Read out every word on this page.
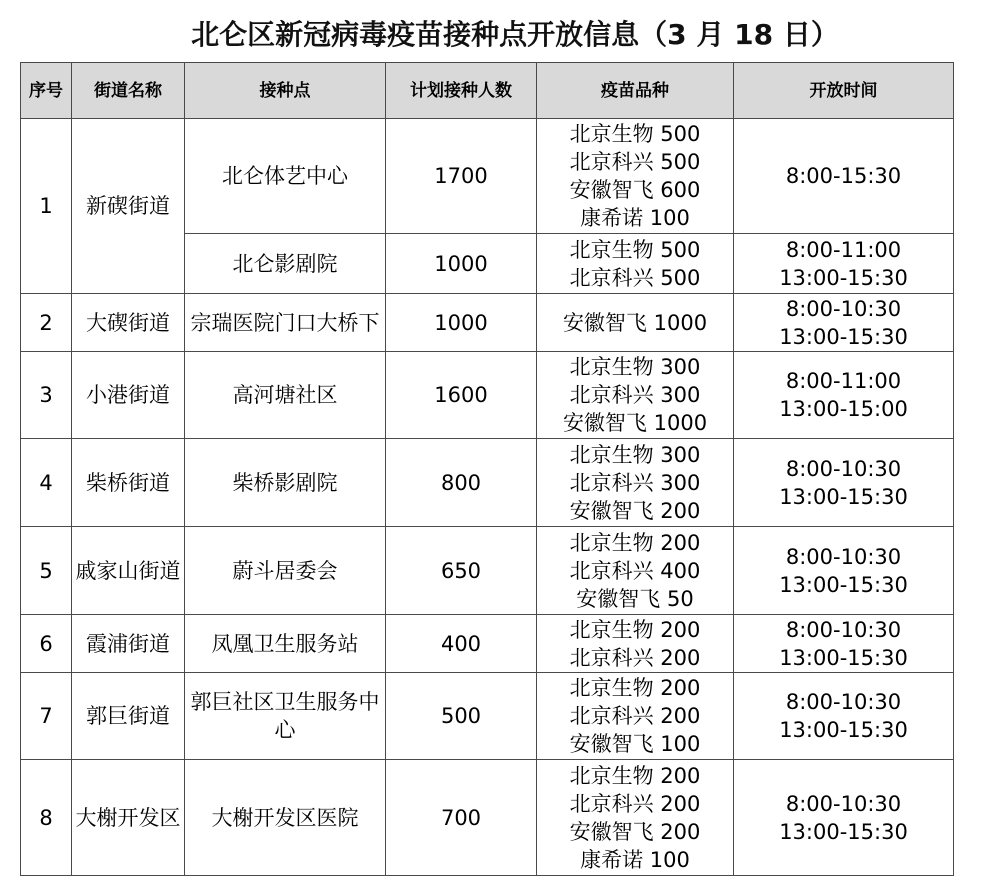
北仑区新冠病毒疫苗接种点开放信息（3 月 18 日）
序号	街道名称	接种点	计划接种人数	疫苗品种	开放时间
1	新碶街道	北仑体艺中心	1700	北京生物 500
北京科兴 500
安徽智飞 600
康希诺 100	8:00-15:30

		北仑影剧院	1000	北京生物 500
北京科兴 500	8:00-11:00
13:00-15:30

2	大碶街道	宗瑞医院门口大桥下	1000	安徽智飞 1000	8:00-10:30
13:00-15:30

3	小港街道	高河塘社区	1600	北京生物 300
北京科兴 300
安徽智飞 1000	8:00-11:00
13:00-15:00

4	柴桥街道	柴桥影剧院	800	北京生物 300
北京科兴 300
安徽智飞 200	8:00-10:30
13:00-15:30

5	戚家山街道	蔚斗居委会	650	北京生物 200
北京科兴 400
安徽智飞 50	8:00-10:30
13:00-15:30

6	霞浦街道	凤凰卫生服务站	400	北京生物 200
北京科兴 200	8:00-10:30
13:00-15:30

7	郭巨街道	郭巨社区卫生服务中心	500	北京生物 200
北京科兴 200
安徽智飞 100	8:00-10:30
13:00-15:30

8	大榭开发区	大榭开发区医院	700	北京生物 200
北京科兴 200
安徽智飞 200
康希诺 100	8:00-10:30
13:00-15:30
